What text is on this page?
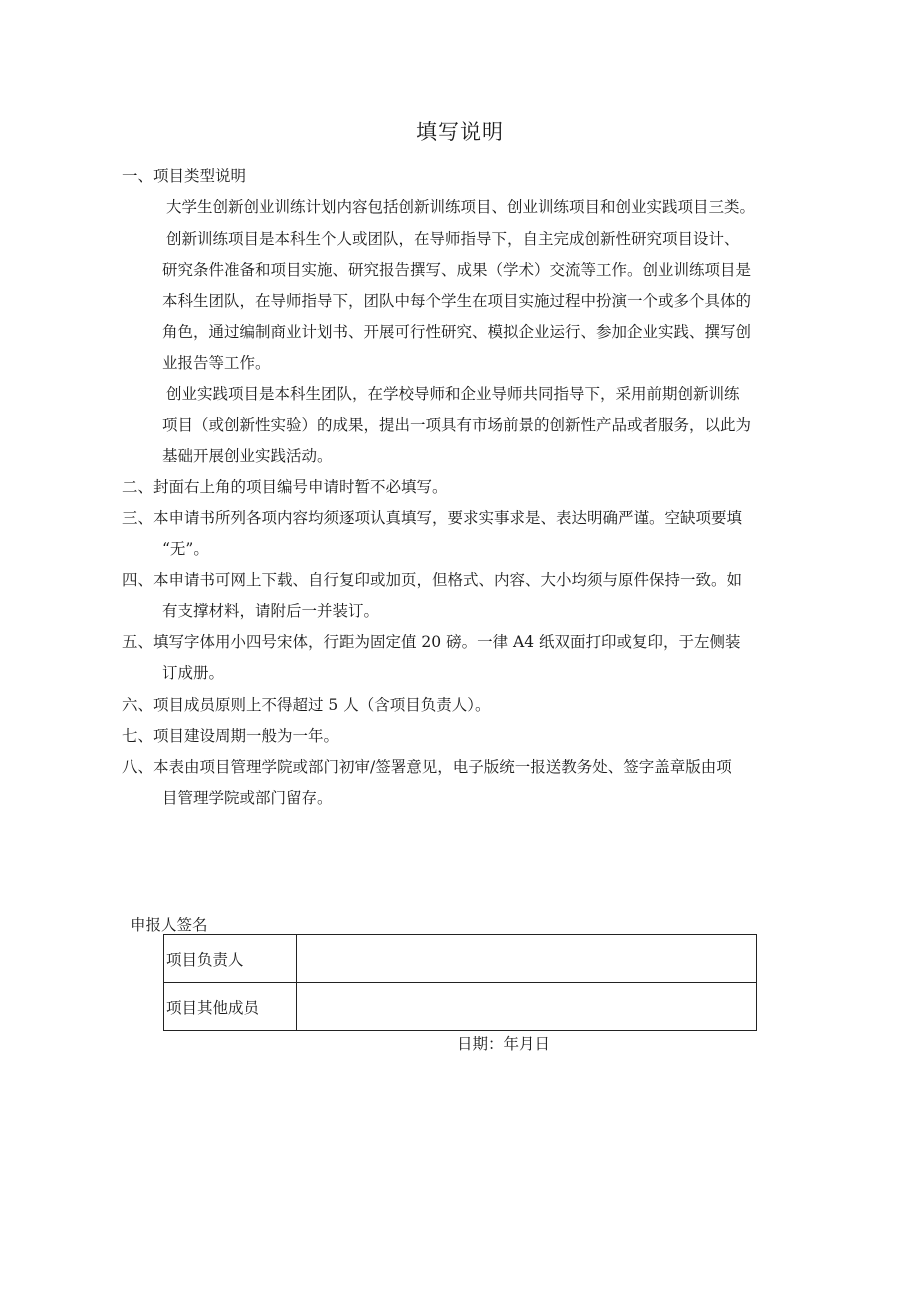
填写说明
一、项目类型说明
大学生创新创业训练计划内容包括创新训练项目、创业训练项目和创业实践项目三类。
创新训练项目是本科生个人或团队，在导师指导下，自主完成创新性研究项目设计、
研究条件准备和项目实施、研究报告撰写、成果（学术）交流等工作。创业训练项目是
本科生团队，在导师指导下，团队中每个学生在项目实施过程中扮演一个或多个具体的
角色，通过编制商业计划书、开展可行性研究、模拟企业运行、参加企业实践、撰写创
业报告等工作。
创业实践项目是本科生团队，在学校导师和企业导师共同指导下，采用前期创新训练
项目（或创新性实验）的成果，提出一项具有市场前景的创新性产品或者服务，以此为
基础开展创业实践活动。
二、封面右上角的项目编号申请时暂不必填写。
三、本申请书所列各项内容均须逐项认真填写，要求实事求是、表达明确严谨。空缺项要填
“无”。
四、本申请书可网上下载、自行复印或加页，但格式、内容、大小均须与原件保持一致。如
有支撑材料，请附后一并装订。
五、填写字体用小四号宋体，行距为固定值 20 磅。一律 A4 纸双面打印或复印，于左侧装
订成册。
六、项目成员原则上不得超过 5 人（含项目负责人）。
七、项目建设周期一般为一年。
八、本表由项目管理学院或部门初审/签署意见，电子版统一报送教务处、签字盖章版由项
目管理学院或部门留存。
申报人签名
项目负责人	
项目其他成员	
日期：年月日
